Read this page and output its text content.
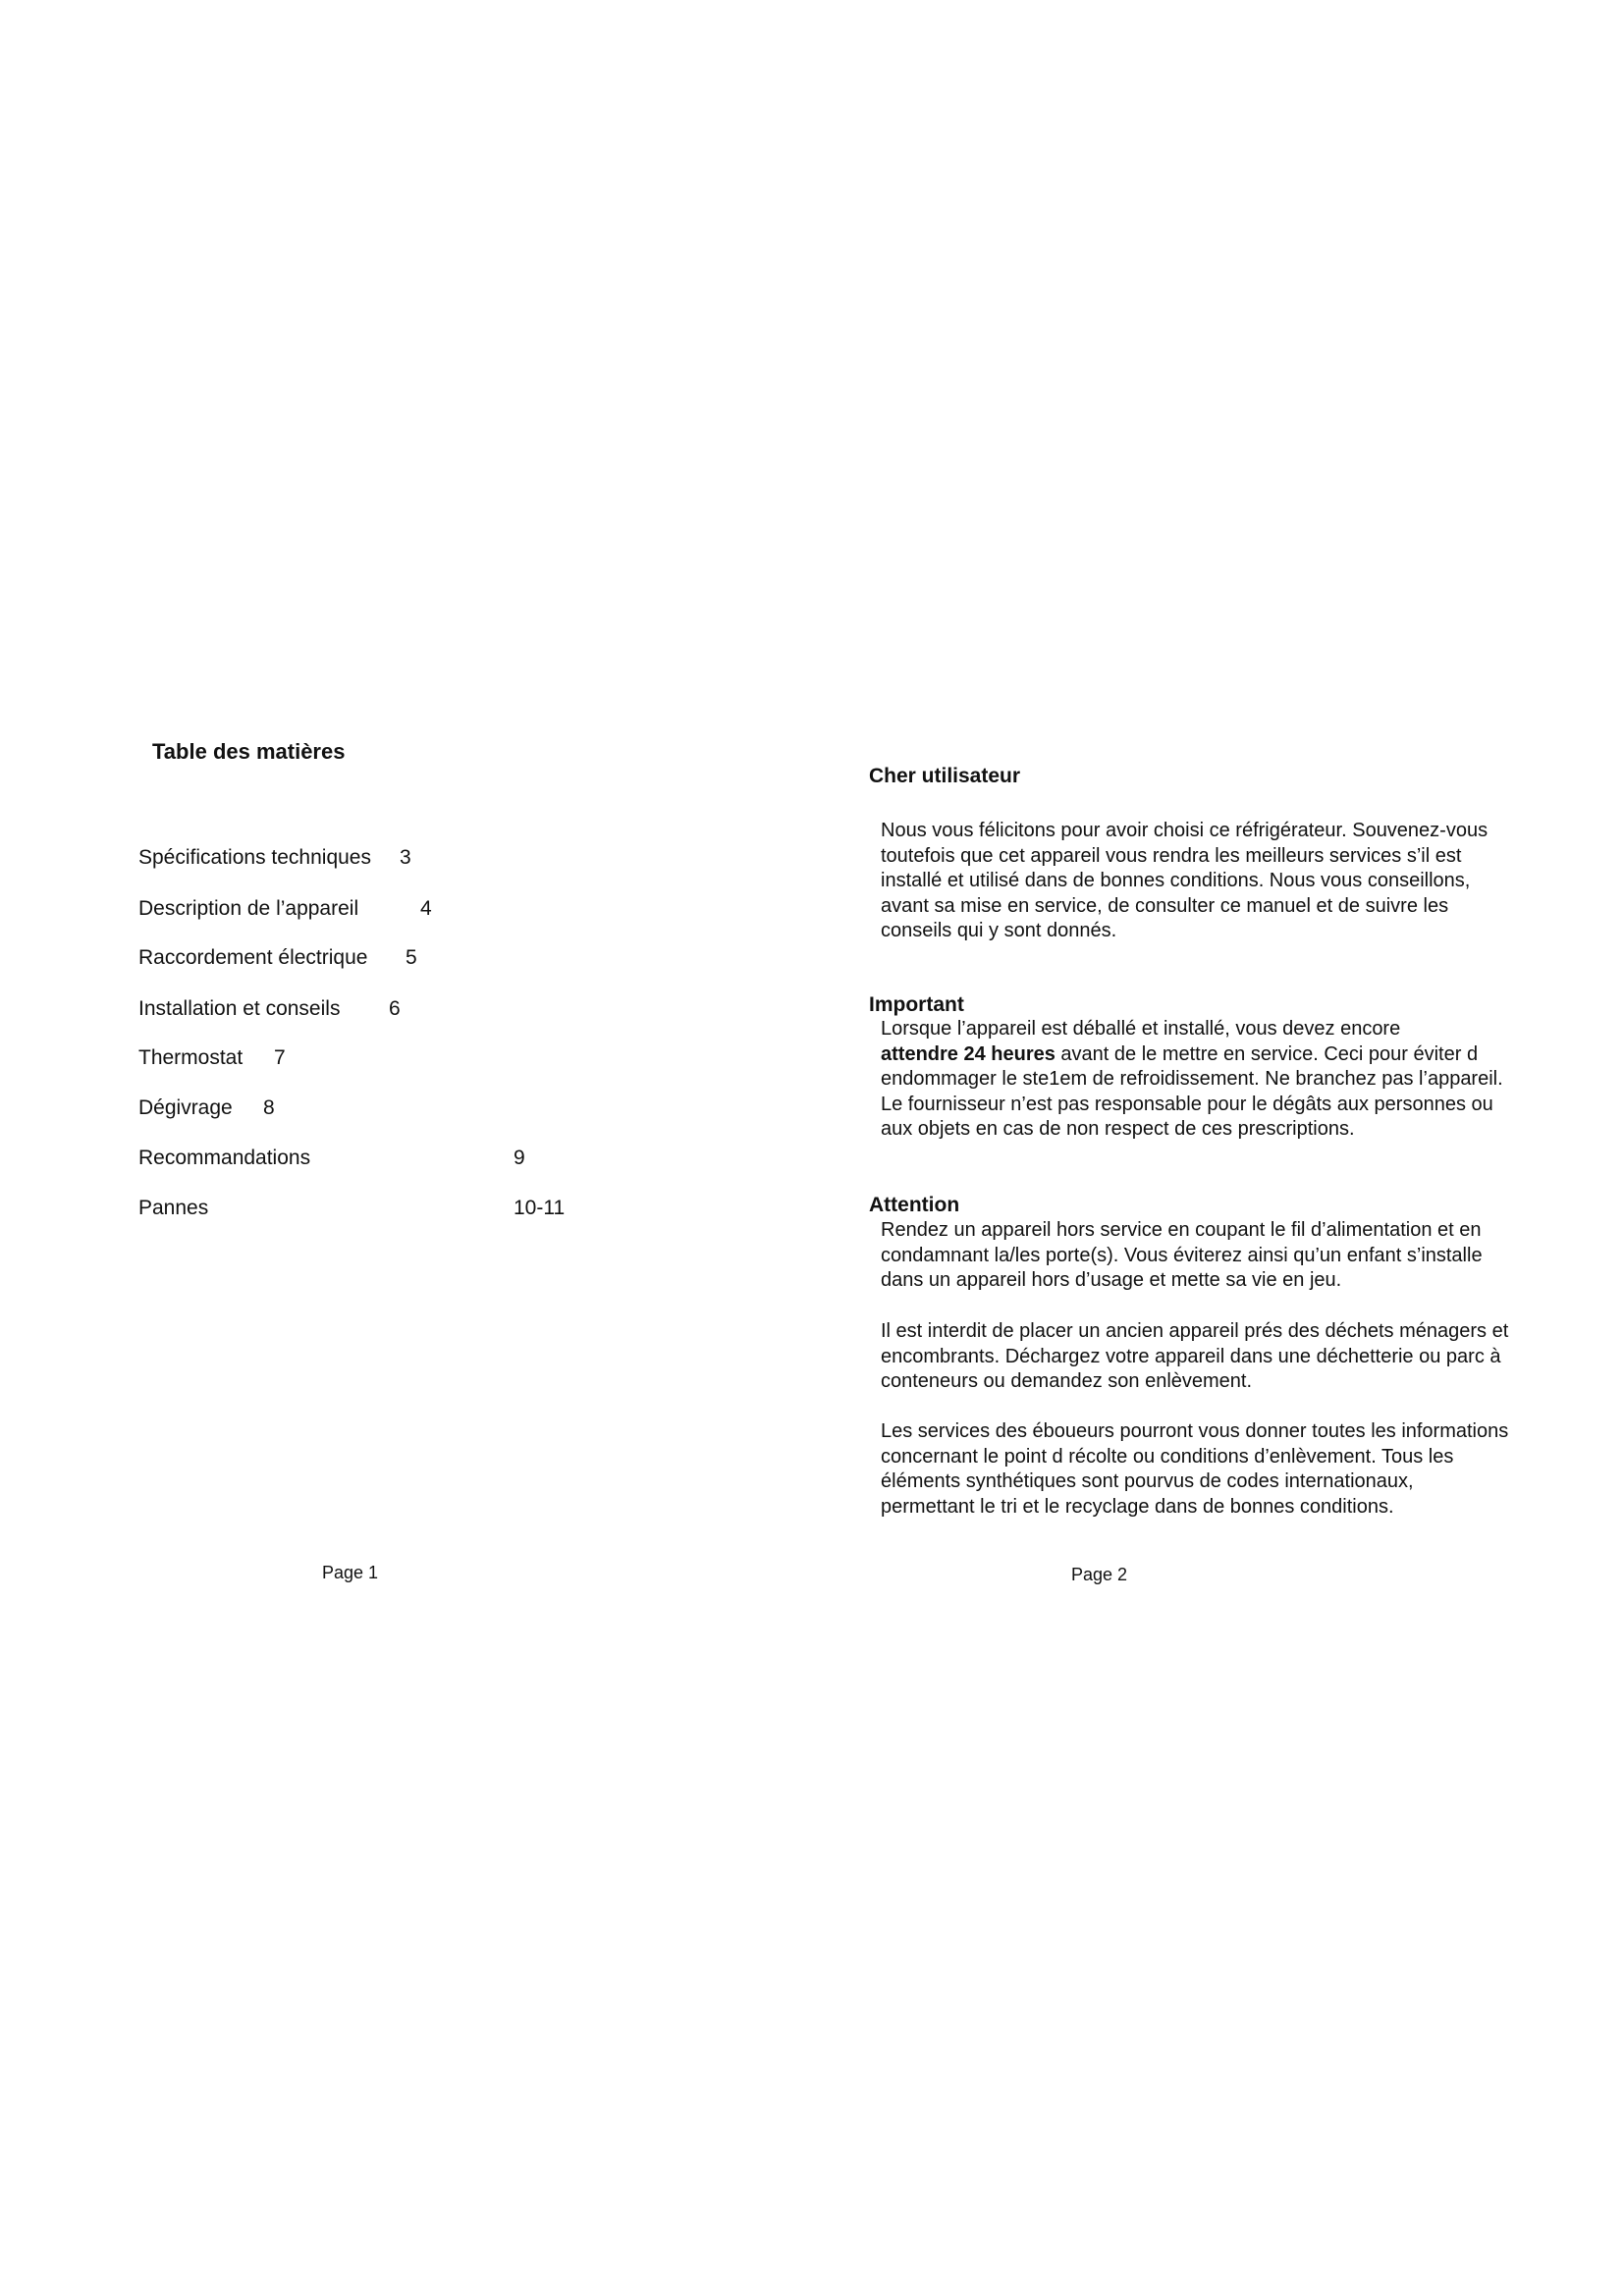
Table des matières
Spécifications techniques 3
Description de l’appareil	4
Raccordement électrique 5
Installation et conseils 6
Thermostat 7
Dégivrage 8
Recommandations	9
Pannes	10-11
Page 1
Cher utilisateur

Nous vous félicitons pour avoir choisi ce réfrigérateur. Souvenez-vous toutefois que cet appareil vous rendra les meilleurs services s’il est installé et utilisé dans de bonnes conditions. Nous vous conseillons, avant sa mise en service, de consulter ce manuel et de suivre les conseils qui y sont donnés.

Important

Lorsque l’appareil est déballé et installé, vous devez encore
attendre 24 heures avant de le mettre en service. Ceci pour éviter d endommager le ste1em de refroidissement. Ne branchez pas l’appareil. Le fournisseur n’est pas responsable pour le dégâts aux personnes ou aux objets en cas de non respect de ces prescriptions.

Attention

Rendez un appareil hors service en coupant le fil d’alimentation et en condamnant la/les porte(s). Vous éviterez ainsi qu’un enfant s’installe dans un appareil hors d’usage et mette sa vie en jeu.

Il est interdit de placer un ancien appareil prés des déchets ménagers et encombrants. Déchargez votre appareil dans une déchetterie ou parc à conteneurs ou demandez son enlèvement.

Les services des éboueurs pourront vous donner toutes les informations concernant le point d récolte ou conditions d’enlèvement. Tous les éléments synthétiques sont pourvus de codes internationaux, permettant le tri et le recyclage dans de bonnes conditions.

Page 2
